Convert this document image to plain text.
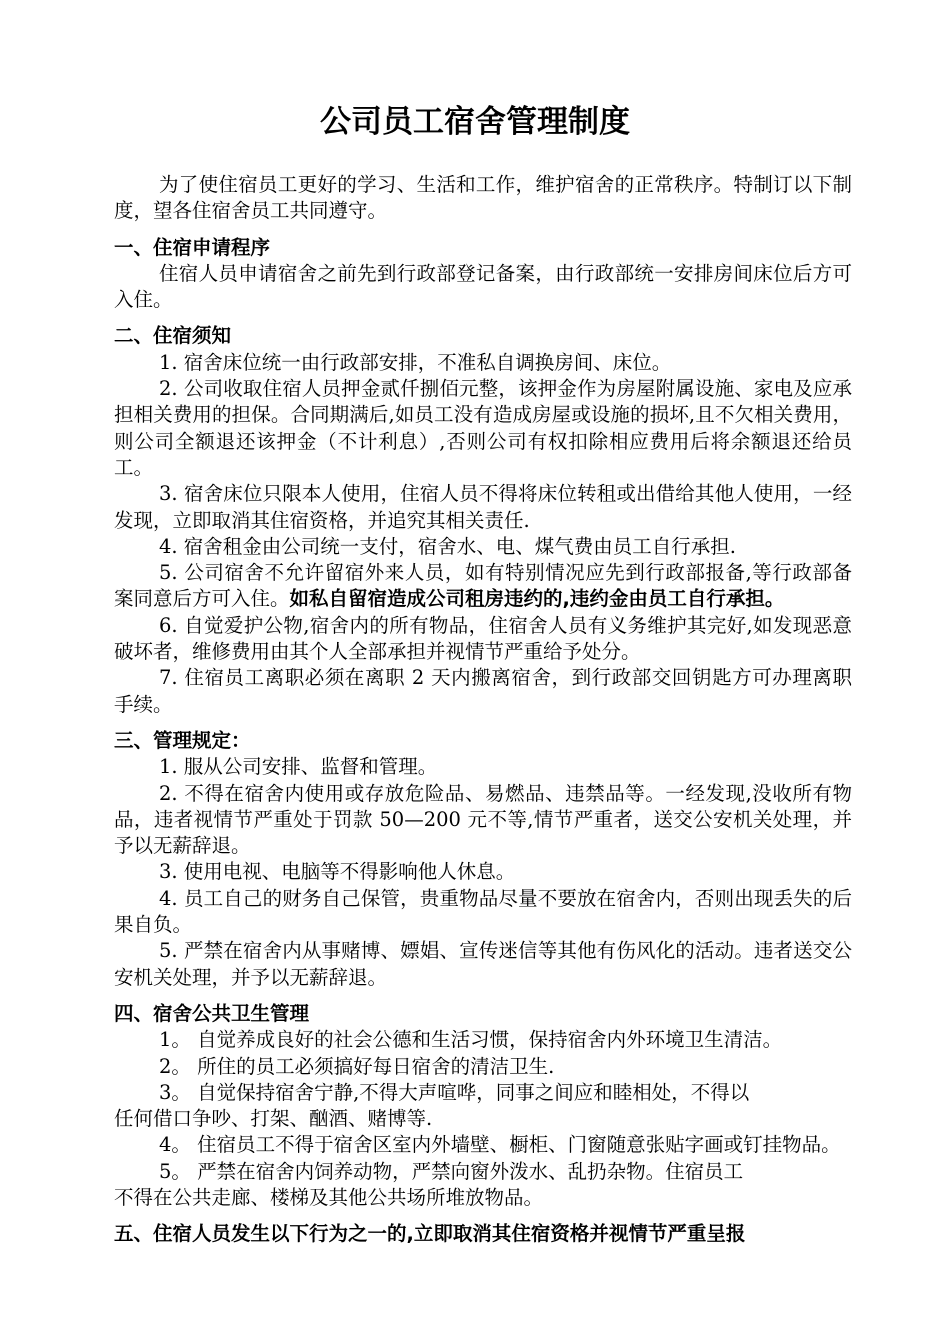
公司员工宿舍管理制度

为了使住宿员工更好的学习、生活和工作，维护宿舍的正常秩序。特制订以下制度，望各住宿舍员工共同遵守。

一、住宿申请程序

住宿人员申请宿舍之前先到行政部登记备案，由行政部统一安排房间床位后方可入住。

二、住宿须知

1. 宿舍床位统一由行政部安排，不准私自调换房间、床位。

2. 公司收取住宿人员押金贰仟捌佰元整，该押金作为房屋附属设施、家电及应承担相关费用的担保。合同期满后,如员工没有造成房屋或设施的损坏,且不欠相关费用，则公司全额退还该押金（不计利息）,否则公司有权扣除相应费用后将余额退还给员工。

3. 宿舍床位只限本人使用，住宿人员不得将床位转租或出借给其他人使用，一经发现，立即取消其住宿资格，并追究其相关责任.

4. 宿舍租金由公司统一支付，宿舍水、电、煤气费由员工自行承担.

5. 公司宿舍不允许留宿外来人员，如有特别情况应先到行政部报备,等行政部备案同意后方可入住。如私自留宿造成公司租房违约的,违约金由员工自行承担。

6. 自觉爱护公物,宿舍内的所有物品，住宿舍人员有义务维护其完好,如发现恶意破坏者，维修费用由其个人全部承担并视情节严重给予处分。

7. 住宿员工离职必须在离职 2 天内搬离宿舍，到行政部交回钥匙方可办理离职手续。

三、管理规定：

1. 服从公司安排、监督和管理。

2. 不得在宿舍内使用或存放危险品、易燃品、违禁品等。一经发现,没收所有物品，违者视情节严重处于罚款 50—200 元不等,情节严重者，送交公安机关处理，并予以无薪辞退。

3. 使用电视、电脑等不得影响他人休息。

4. 员工自己的财务自己保管，贵重物品尽量不要放在宿舍内，否则出现丢失的后果自负。

5. 严禁在宿舍内从事赌博、嫖娼、宣传迷信等其他有伤风化的活动。违者送交公安机关处理，并予以无薪辞退。

四、宿舍公共卫生管理

1。 自觉养成良好的社会公德和生活习惯，保持宿舍内外环境卫生清洁。

2。 所住的员工必须搞好每日宿舍的清洁卫生.

3。 自觉保持宿舍宁静,不得大声喧哗，同事之间应和睦相处，不得以

任何借口争吵、打架、酗酒、赌博等.

4。 住宿员工不得于宿舍区室内外墙壁、橱柜、门窗随意张贴字画或钉挂物品。

5。 严禁在宿舍内饲养动物，严禁向窗外泼水、乱扔杂物。住宿员工

不得在公共走廊、楼梯及其他公共场所堆放物品。

五、住宿人员发生以下行为之一的,立即取消其住宿资格并视情节严重呈报
